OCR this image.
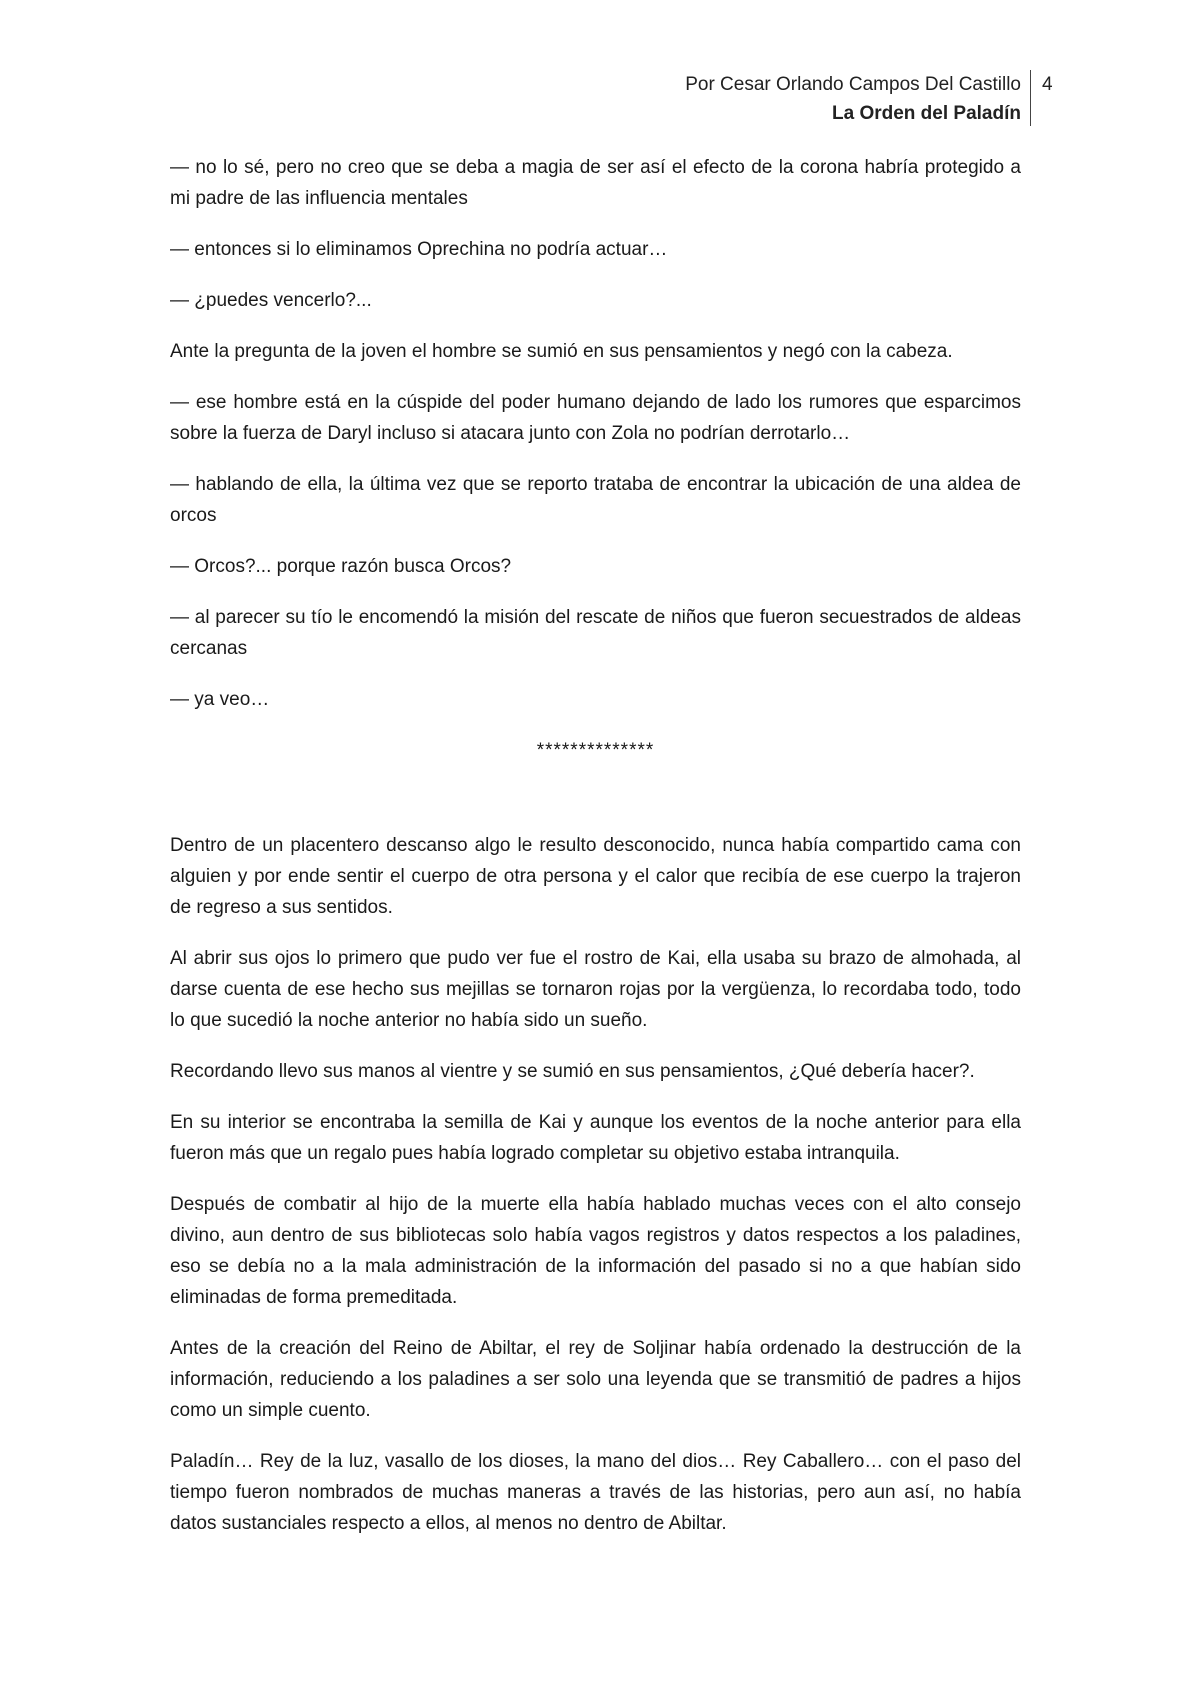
Por Cesar Orlando Campos Del Castillo
La Orden del Paladín
4

— no lo sé, pero no creo que se deba a magia de ser así el efecto de la corona habría protegido a mi padre de las influencia mentales

— entonces si lo eliminamos Oprechina no podría actuar…

— ¿puedes vencerlo?...

Ante la pregunta de la joven el hombre se sumió en sus pensamientos y negó con la cabeza.

— ese hombre está en la cúspide del poder humano dejando de lado los rumores que esparcimos sobre la fuerza de Daryl incluso si atacara junto con Zola no podrían derrotarlo…

— hablando de ella, la última vez que se reporto trataba de encontrar la ubicación de una aldea de orcos

— Orcos?... porque razón busca Orcos?

— al parecer su tío le encomendó la misión del rescate de niños que fueron secuestrados de aldeas cercanas

— ya veo…

**************

Dentro de un placentero descanso algo le resulto desconocido, nunca había compartido cama con alguien y por ende sentir el cuerpo de otra persona y el calor que recibía de ese cuerpo la trajeron de regreso a sus sentidos.

Al abrir sus ojos lo primero que pudo ver fue el rostro de Kai, ella usaba su brazo de almohada, al darse cuenta de ese hecho sus mejillas se tornaron rojas por la vergüenza, lo recordaba todo, todo lo que sucedió la noche anterior no había sido un sueño.

Recordando llevo sus manos al vientre y se sumió en sus pensamientos, ¿Qué debería hacer?.

En su interior se encontraba la semilla de Kai y aunque los eventos de la noche anterior para ella fueron más que un regalo pues había logrado completar su objetivo estaba intranquila.

Después de combatir al hijo de la muerte ella había hablado muchas veces con el alto consejo divino, aun dentro de sus bibliotecas solo había vagos registros y datos respectos a los paladines, eso se debía no a la mala administración de la información del pasado si no a que habían sido eliminadas de forma premeditada.

Antes de la creación del Reino de Abiltar, el rey de Soljinar había ordenado la destrucción de la información, reduciendo a los paladines a ser solo una leyenda que se transmitió de padres a hijos como un simple cuento.

Paladín… Rey de la luz, vasallo de los dioses, la mano del dios… Rey Caballero… con el paso del tiempo fueron nombrados de muchas maneras a través de las historias, pero aun así, no había datos sustanciales respecto a ellos, al menos no dentro de Abiltar.
